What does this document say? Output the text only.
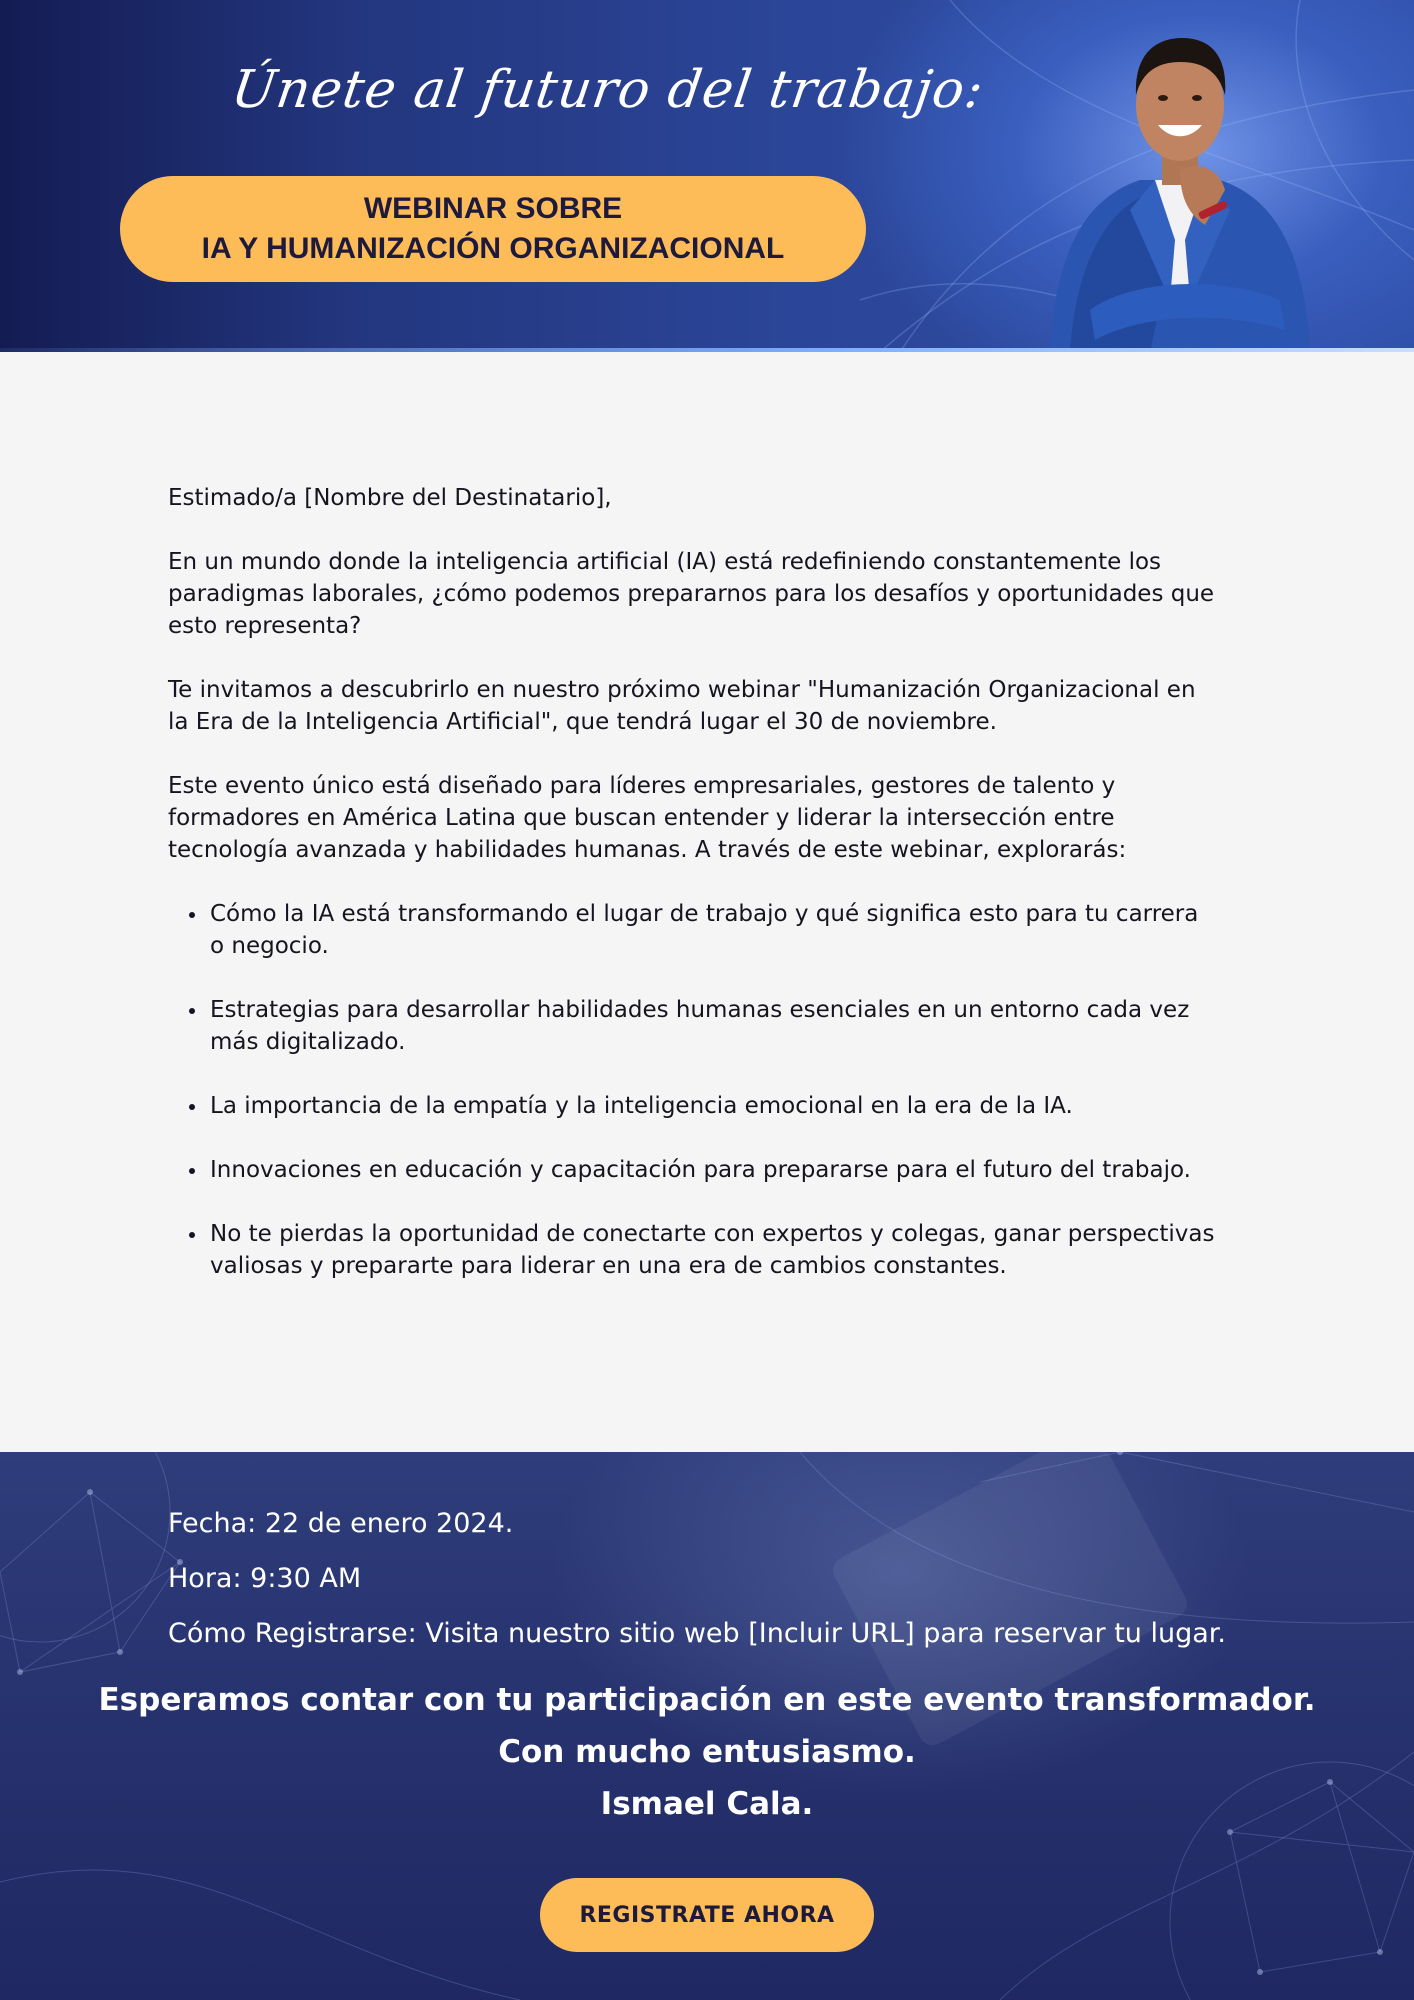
Únete al futuro del trabajo:
WEBINAR SOBRE
IA Y HUMANIZACIÓN ORGANIZACIONAL

Estimado/a [Nombre del Destinatario],

En un mundo donde la inteligencia artificial (IA) está redefiniendo constantemente los paradigmas laborales, ¿cómo podemos prepararnos para los desafíos y oportunidades que esto representa?

Te invitamos a descubrirlo en nuestro próximo webinar "Humanización Organizacional en la Era de la Inteligencia Artificial", que tendrá lugar el 30 de noviembre.

Este evento único está diseñado para líderes empresariales, gestores de talento y formadores en América Latina que buscan entender y liderar la intersección entre tecnología avanzada y habilidades humanas. A través de este webinar, explorarás:

• Cómo la IA está transformando el lugar de trabajo y qué significa esto para tu carrera o negocio.
• Estrategias para desarrollar habilidades humanas esenciales en un entorno cada vez más digitalizado.
• La importancia de la empatía y la inteligencia emocional en la era de la IA.
• Innovaciones en educación y capacitación para prepararse para el futuro del trabajo.
• No te pierdas la oportunidad de conectarte con expertos y colegas, ganar perspectivas valiosas y prepararte para liderar en una era de cambios constantes.
Fecha: 22 de enero 2024.
Hora: 9:30 AM
Cómo Registrarse: Visita nuestro sitio web [Incluir URL] para reservar tu lugar.
Esperamos contar con tu participación en este evento transformador.
Con mucho entusiasmo.
Ismael Cala.
REGISTRATE AHORA
